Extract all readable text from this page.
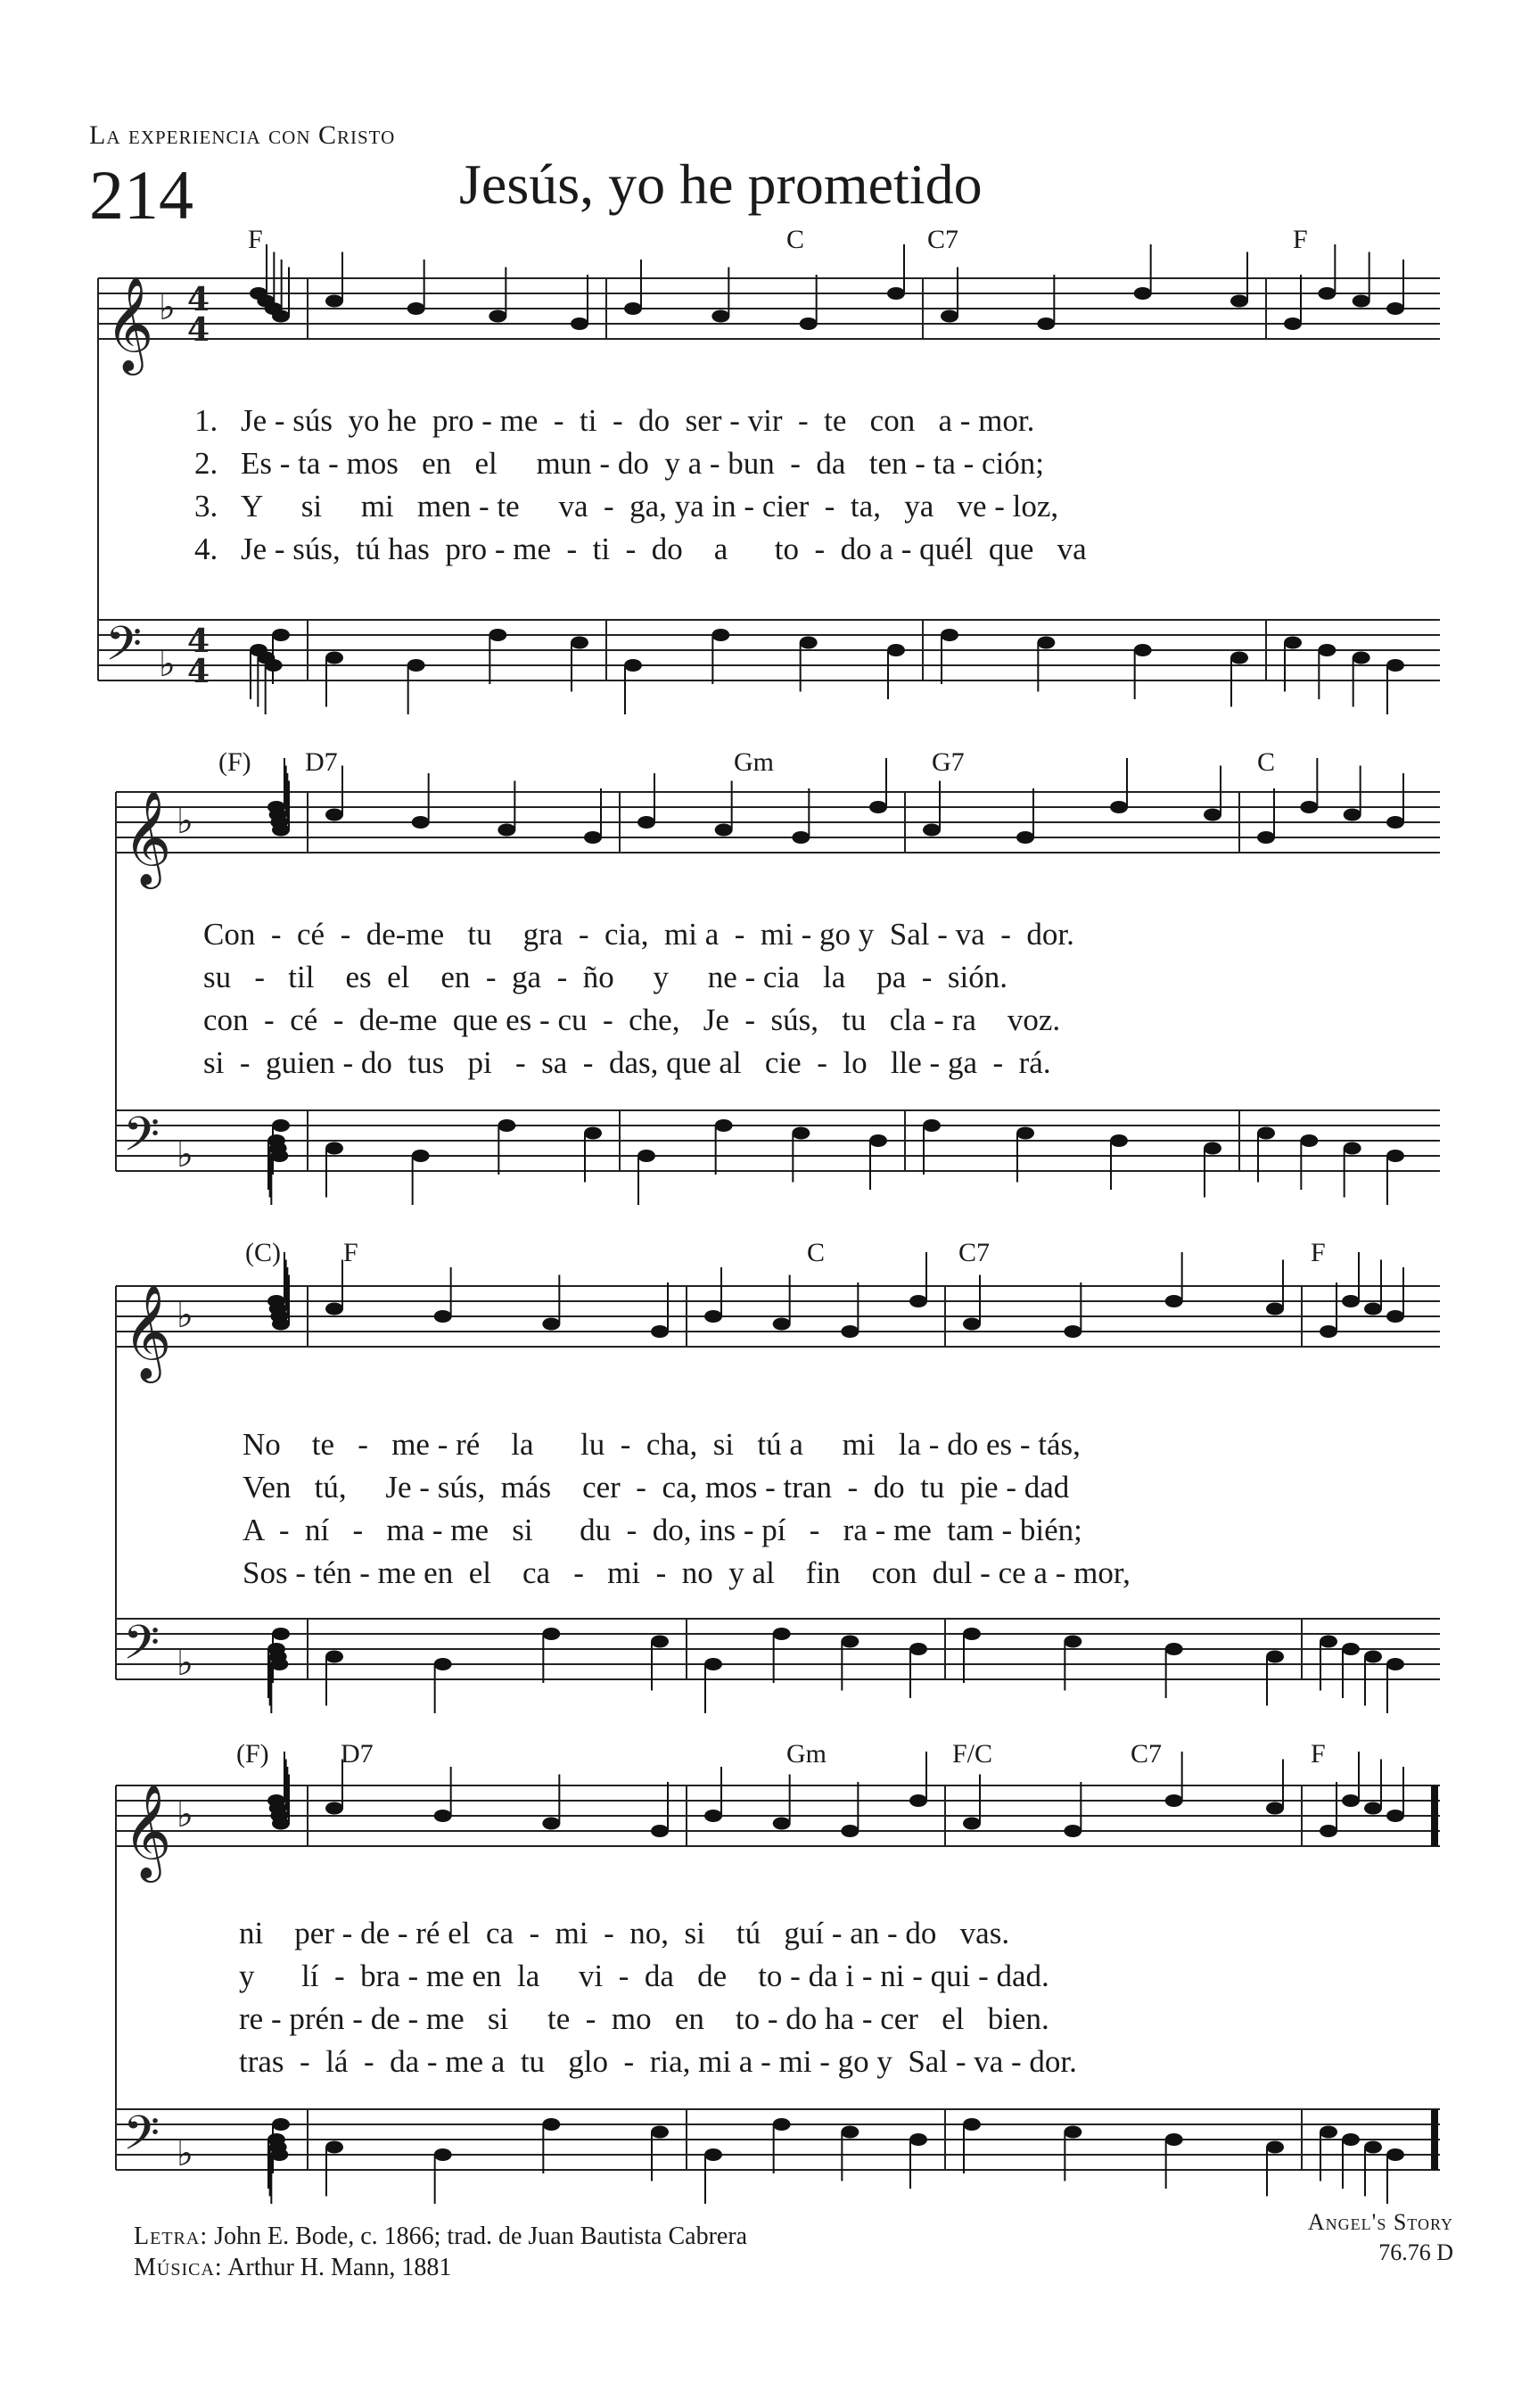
La experiencia con Cristo
214	Jesús, yo he prometido
𝄞 ♭ 4
4
𝄢 ♭
4
4
𝄞 ♭
𝄢 ♭
𝄞 ♭
𝄢 ♭
𝄞 ♭
𝄢 ♭
F	C	C7	F
1. Je - sús  yo he  pro - me  -  ti  -  do  ser - vir  -  te   con   a - mor.
2. Es - ta - mos   en   el     mun - do  y a - bun  -  da   ten - ta - ción;
3. Y     si     mi   men - te     va  -  ga, ya in - cier  -  ta,   ya   ve - loz,
4. Je - sús,  tú has  pro - me  -  ti  -  do    a      to  -  do a - quél  que   va
(F) D7	Gm	G7	C
Con  -  cé  -  de-me   tu    gra  -  cia,  mi a  -  mi - go y  Sal - va  -  dor.
su   -   til    es  el    en  -  ga  -  ño     y     ne - cia   la    pa  -  sión.
con  -  cé  -  de-me  que es - cu  -  che,   Je  -  sús,   tu   cla - ra    voz.
si  -  guien - do  tus   pi   -  sa  -  das, que al   cie  -  lo   lle - ga  -  rá.
(C) F	C	C7	F
No    te   -   me - ré    la      lu  -  cha,  si   tú a     mi   la - do es - tás,
Ven   tú,     Je - sús,  más    cer  -  ca, mos - tran  -  do  tu  pie - dad
A  -  ní   -   ma - me   si      du  -  do, ins - pí   -   ra - me  tam - bién;
Sos - tén - me en  el    ca   -   mi  -  no  y al    fin    con  dul - ce a - mor,
(F)	D7	Gm	F/C	C7	F
ni    per - de - ré el  ca  -  mi  -  no,  si    tú   guí - an - do   vas.
y      lí  -  bra - me en  la     vi  -  da   de    to - da i - ni - qui - dad.
re - prén - de - me   si     te  -  mo   en    to - do ha - cer   el   bien.
tras  -  lá  -  da - me a  tu   glo  -  ria, mi a - mi - go y  Sal - va - dor.
Letra: John E. Bode, c. 1866; trad. de Juan Bautista Cabrera
Música: Arthur H. Mann, 1881
Angel's Story
76.76 D
